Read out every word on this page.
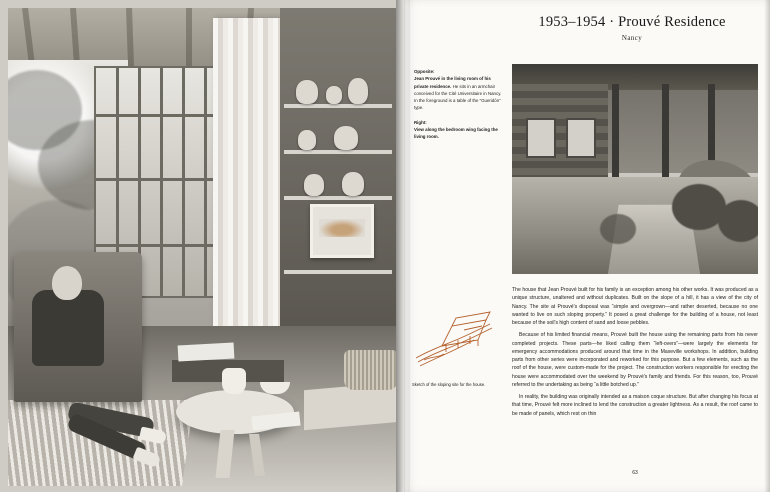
1953–1954 · Prouvé Residence
Nancy

Opposite:
Jean Prouvé in the living room of his private residence. He sits in an armchair conceived for the Cité Universitaire in Nancy. In the foreground is a table of the “Gueridón” type.

Right:
View along the bedroom wing facing the living room.

Sketch of the sloping site for the house.

The house that Jean Prouvé built for his family is an exception among his other works. It was produced as a unique structure, unaltered and without duplicates. Built on the slope of a hill, it has a view of the city of Nancy. The site at Prouvé's disposal was “simple and overgrown—and rather deserted, because no one wanted to live on such sloping property.” It posed a great challenge for the building of a house, not least because of the soil's high content of sand and loose pebbles.

Because of his limited financial means, Prouvé built the house using the remaining parts from his never completed projects. These parts—he liked calling them “left-overs”—were largely the elements for emergency accommodations produced around that time in the Maxeville workshops. In addition, building parts from other series were incorporated and reworked for this purpose. But a few elements, such as the roof of the house, were custom-made for the project. The construction workers responsible for erecting the house were accommodated over the weekend by Prouvé's family and friends. For this reason, too, Prouvé referred to the undertaking as being “a little botched up.”

In reality, the building was originally intended as a maison coque structure. But after changing his focus at that time, Prouvé felt more inclined to lend the construction a greater lightness. As a result, the roof came to be made of panels, which rest on thin

63
